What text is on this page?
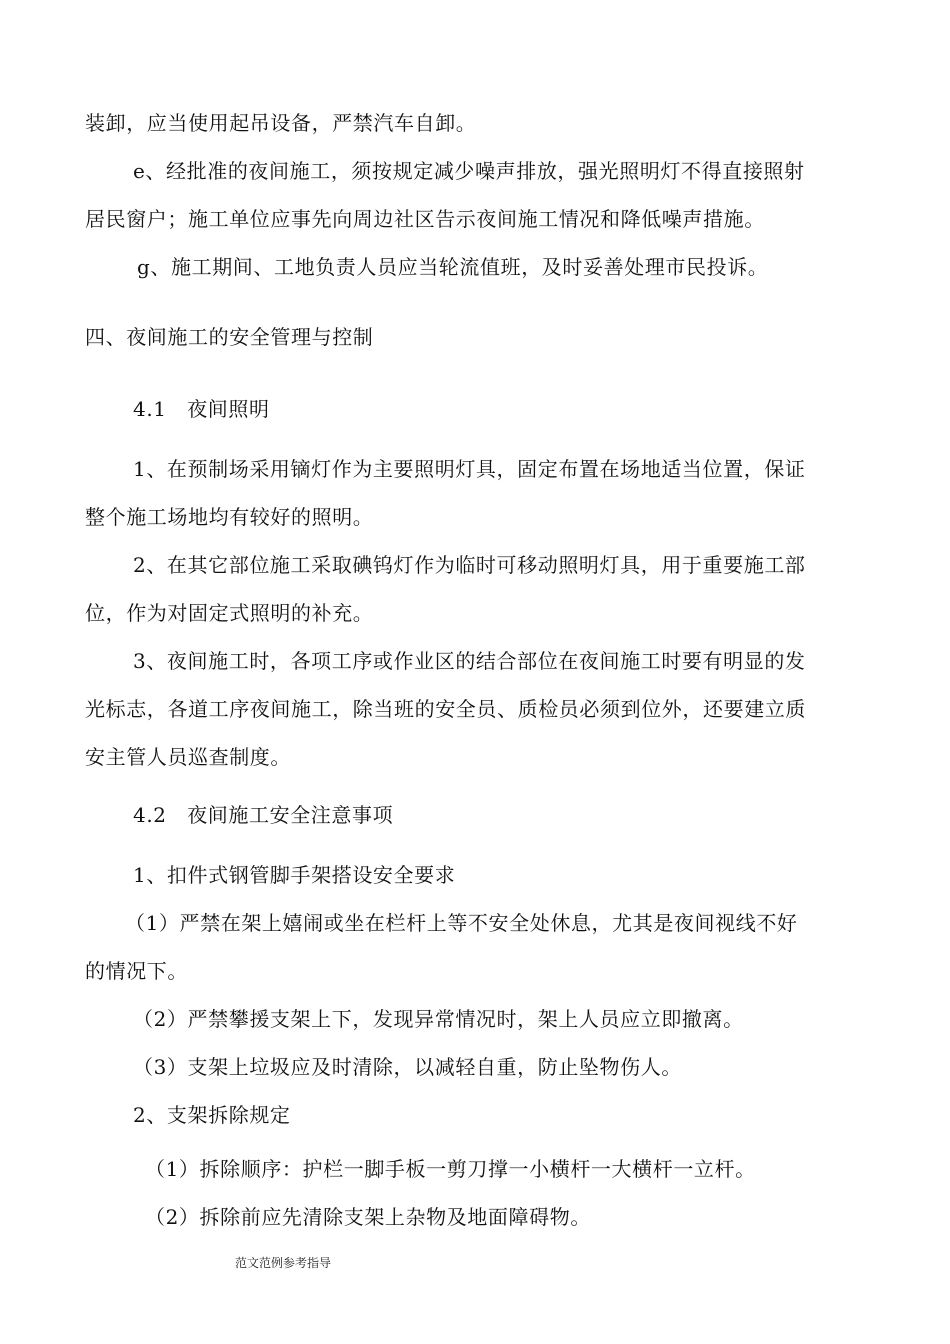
装卸，应当使用起吊设备，严禁汽车自卸。
e、经批准的夜间施工，须按规定减少噪声排放，强光照明灯不得直接照射
居民窗户；施工单位应事先向周边社区告示夜间施工情况和降低噪声措施。
g、施工期间、工地负责人员应当轮流值班，及时妥善处理市民投诉。
四、夜间施工的安全管理与控制
4.1　夜间照明
1、在预制场采用镝灯作为主要照明灯具，固定布置在场地适当位置，保证
整个施工场地均有较好的照明。
2、在其它部位施工采取碘钨灯作为临时可移动照明灯具，用于重要施工部
位，作为对固定式照明的补充。
3、夜间施工时，各项工序或作业区的结合部位在夜间施工时要有明显的发
光标志，各道工序夜间施工，除当班的安全员、质检员必须到位外，还要建立质
安主管人员巡查制度。
4.2　夜间施工安全注意事项
1、扣件式钢管脚手架搭设安全要求
（1）严禁在架上嬉闹或坐在栏杆上等不安全处休息，尤其是夜间视线不好
的情况下。
（2）严禁攀援支架上下，发现异常情况时，架上人员应立即撤离。
（3）支架上垃圾应及时清除，以减轻自重，防止坠物伤人。
2、支架拆除规定
（1）拆除顺序：护栏一脚手板一剪刀撑一小横杆一大横杆一立杆。
（2）拆除前应先清除支架上杂物及地面障碍物。
范文范例参考指导
